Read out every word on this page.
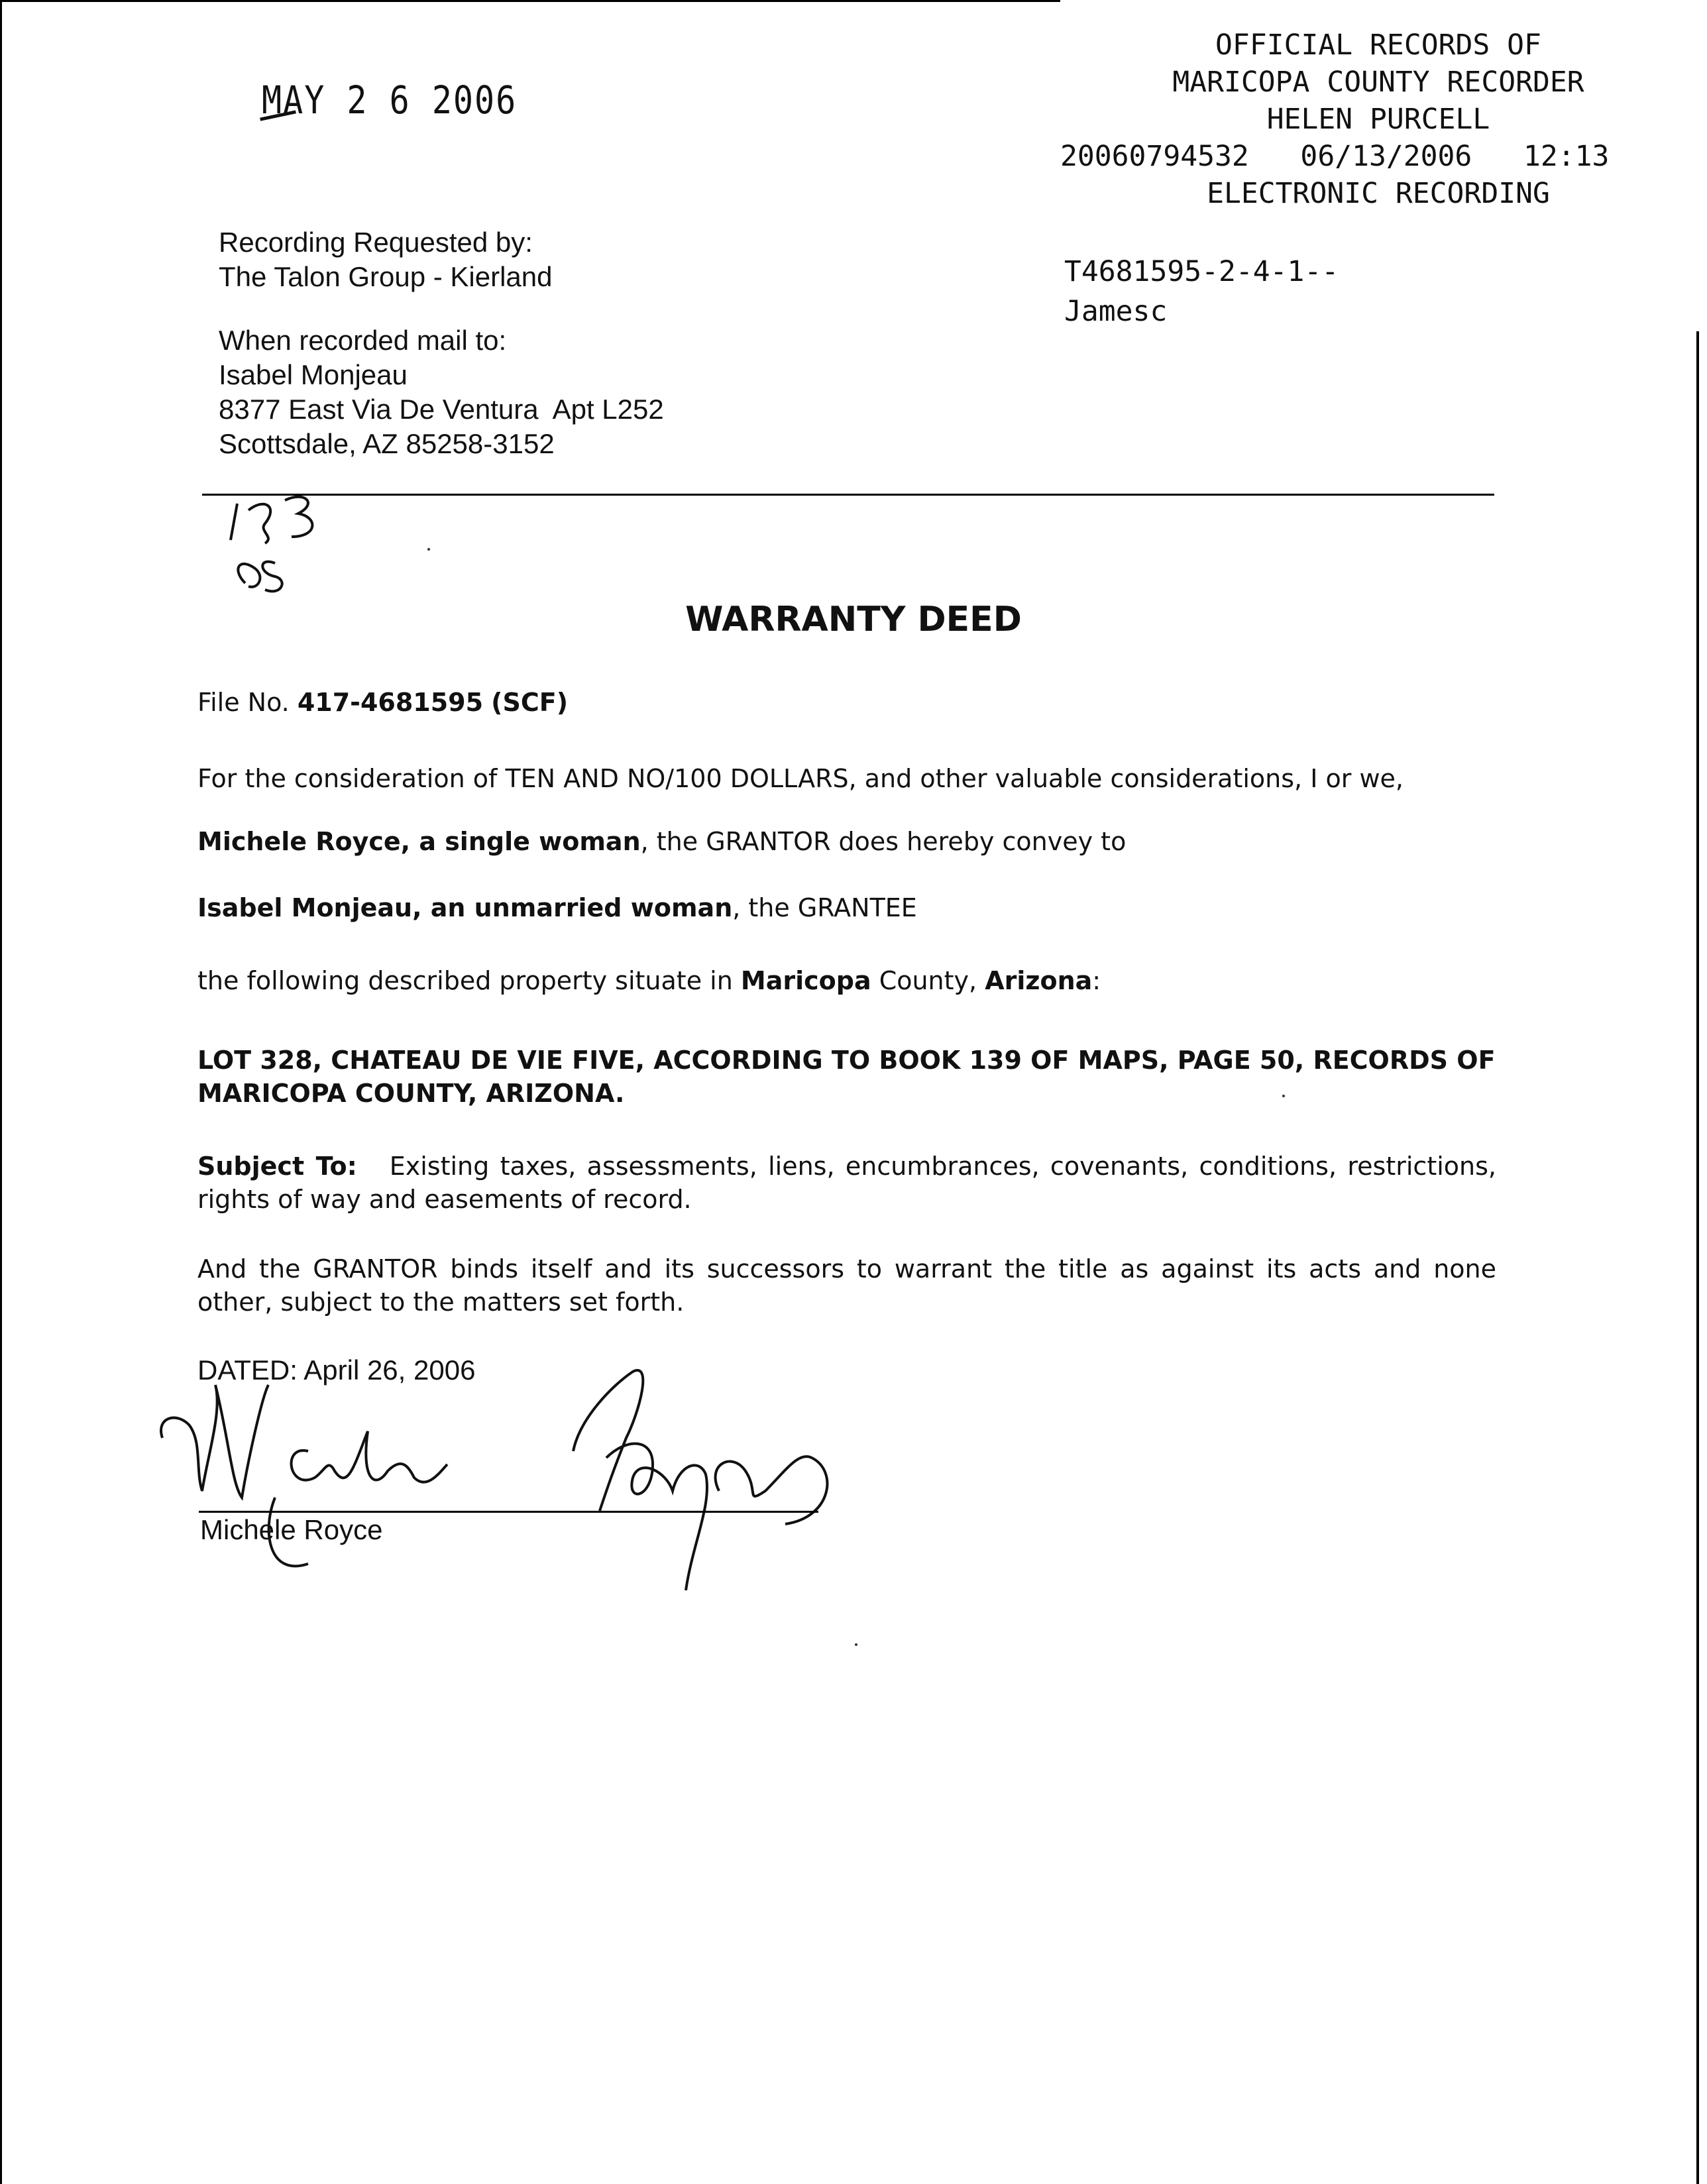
MAY 2 6 2006
OFFICIAL RECORDS OF
MARICOPA COUNTY RECORDER
HELEN PURCELL
20060794532   06/13/2006   12:13
ELECTRONIC RECORDING
T4681595-2-4-1--
Jamesc
Recording Requested by:
The Talon Group - Kierland
When recorded mail to:
Isabel Monjeau
8377 East Via De Ventura  Apt L252
Scottsdale, AZ 85258-3152
WARRANTY DEED
File No. 417-4681595 (SCF)
For the consideration of TEN AND NO/100 DOLLARS, and other valuable considerations, I or we,
Michele Royce, a single woman, the GRANTOR does hereby convey to
Isabel Monjeau, an unmarried woman, the GRANTEE
the following described property situate in Maricopa County, Arizona:
LOT 328, CHATEAU DE VIE FIVE, ACCORDING TO BOOK 139 OF MAPS, PAGE 50, RECORDS OF MARICOPA COUNTY, ARIZONA.
Subject To: Existing taxes, assessments, liens, encumbrances, covenants, conditions, restrictions, rights of way and easements of record.
And the GRANTOR binds itself and its successors to warrant the title as against its acts and none other, subject to the matters set forth.
DATED: April 26, 2006
Michele Royce
